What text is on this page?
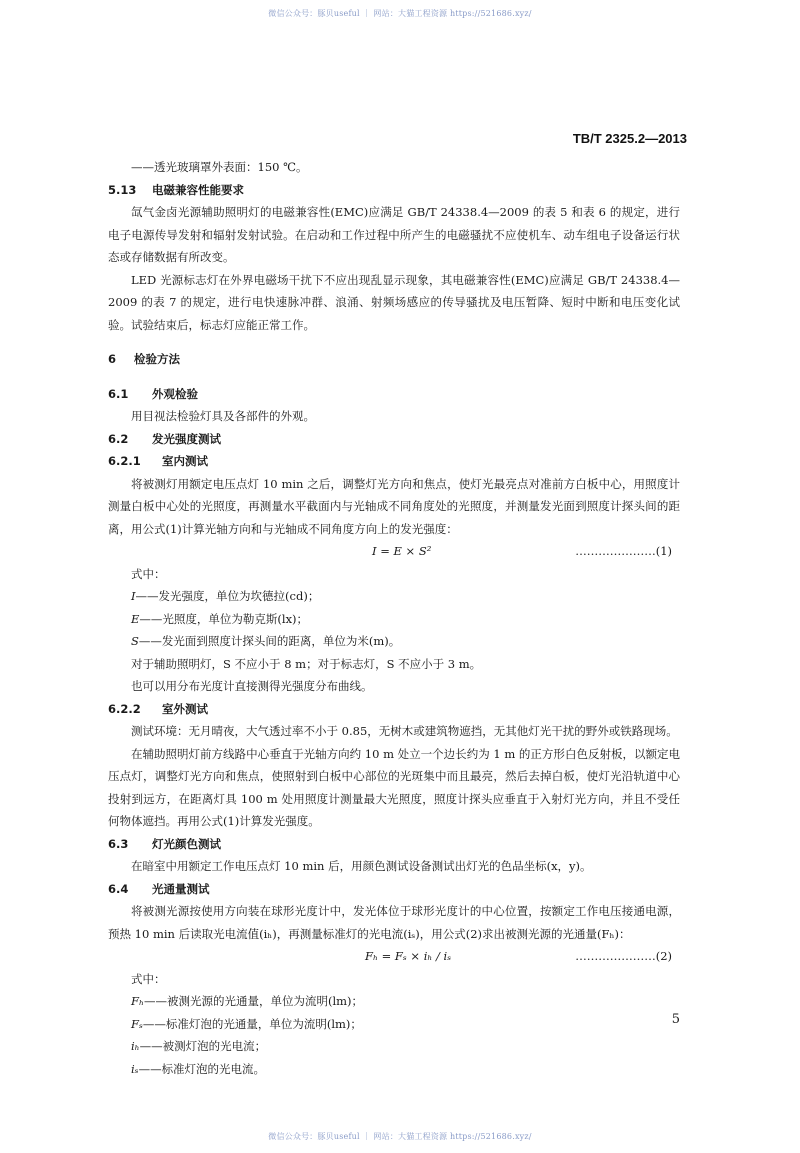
微信公众号：豚贝useful ｜ 网站：大猫工程资源 https://521686.xyz/
TB/T 2325.2—2013
——透光玻璃罩外表面：150 ℃。
5.13 电磁兼容性能要求
氙气金卤光源辅助照明灯的电磁兼容性(EMC)应满足 GB/T 24338.4—2009 的表 5 和表 6 的规定，进行电子电源传导发射和辐射发射试验。在启动和工作过程中所产生的电磁骚扰不应使机车、动车组电子设备运行状态或存储数据有所改变。
LED 光源标志灯在外界电磁场干扰下不应出现乱显示现象，其电磁兼容性(EMC)应满足 GB/T 24338.4—2009 的表 7 的规定，进行电快速脉冲群、浪涌、射频场感应的传导骚扰及电压暂降、短时中断和电压变化试验。试验结束后，标志灯应能正常工作。
6 检验方法
6.1 外观检验
用目视法检验灯具及各部件的外观。
6.2 发光强度测试
6.2.1 室内测试
将被测灯用额定电压点灯 10 min 之后，调整灯光方向和焦点，使灯光最亮点对准前方白板中心，用照度计测量白板中心处的光照度，再测量水平截面内与光轴成不同角度处的光照度，并测量发光面到照度计探头间的距离，用公式(1)计算光轴方向和与光轴成不同角度方向上的发光强度：
I = E × S²	…………………(1)
式中：
I——发光强度，单位为坎德拉(cd)；
E——光照度，单位为勒克斯(lx)；
S——发光面到照度计探头间的距离，单位为米(m)。
对于辅助照明灯，S 不应小于 8 m；对于标志灯，S 不应小于 3 m。
也可以用分布光度计直接测得光强度分布曲线。
6.2.2 室外测试
测试环境：无月晴夜，大气透过率不小于 0.85，无树木或建筑物遮挡，无其他灯光干扰的野外或铁路现场。
在辅助照明灯前方线路中心垂直于光轴方向约 10 m 处立一个边长约为 1 m 的正方形白色反射板，以额定电压点灯，调整灯光方向和焦点，使照射到白板中心部位的光斑集中而且最亮，然后去掉白板，使灯光沿轨道中心投射到远方，在距离灯具 100 m 处用照度计测量最大光照度，照度计探头应垂直于入射灯光方向，并且不受任何物体遮挡。再用公式(1)计算发光强度。
6.3 灯光颜色测试
在暗室中用额定工作电压点灯 10 min 后，用颜色测试设备测试出灯光的色品坐标(x，y)。
6.4 光通量测试
将被测光源按使用方向装在球形光度计中，发光体位于球形光度计的中心位置，按额定工作电压接通电源，预热 10 min 后读取光电流值(iₕ)，再测量标准灯的光电流(iₛ)，用公式(2)求出被测光源的光通量(Fₕ)：
Fₕ = Fₛ × iₕ / iₛ	…………………(2)
式中：
Fₕ——被测光源的光通量，单位为流明(lm)；
Fₛ——标准灯泡的光通量，单位为流明(lm)；
iₕ——被测灯泡的光电流；
iₛ——标准灯泡的光电流。
5
微信公众号：豚贝useful ｜ 网站：大猫工程资源 https://521686.xyz/
